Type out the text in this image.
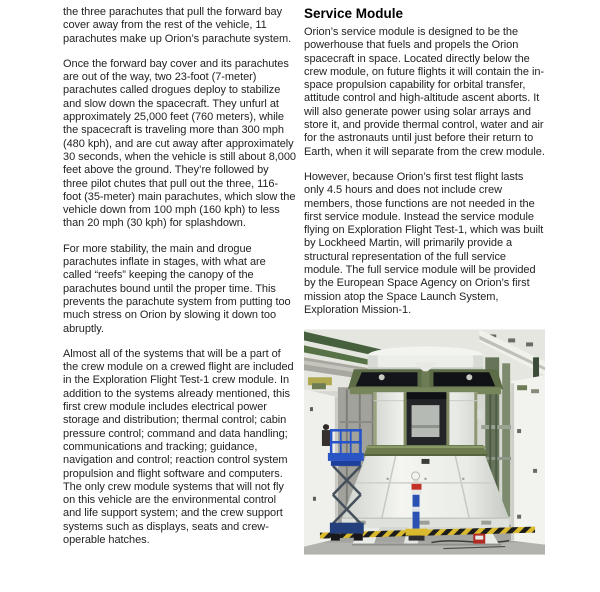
the three parachutes that pull the forward bay cover away from the rest of the vehicle, 11 parachutes make up Orion’s parachute system.

Once the forward bay cover and its parachutes are out of the way, two 23-foot (7-meter) parachutes called drogues deploy to stabilize and slow down the spacecraft. They unfurl at approximately 25,000 feet (760 meters), while the spacecraft is traveling more than 300 mph (480 kph), and are cut away after approximately 30 seconds, when the vehicle is still about 8,000 feet above the ground. They’re followed by three pilot chutes that pull out the three, 116-foot (35-meter) main parachutes, which slow the vehicle down from 100 mph (160 kph) to less than 20 mph (30 kph) for splashdown.

For more stability, the main and drogue parachutes inflate in stages, with what are called “reefs” keeping the canopy of the parachutes bound until the proper time. This prevents the parachute system from putting too much stress on Orion by slowing it down too abruptly.

Almost all of the systems that will be a part of the crew module on a crewed flight are included in the Exploration Flight Test-1 crew module. In addition to the systems already mentioned, this first crew module includes electrical power storage and distribution; thermal control; cabin pressure control; command and data handling; communications and tracking; guidance, navigation and control; reaction control system propulsion and flight software and computers. The only crew module systems that will not fly on this vehicle are the environmental control and life support system; and the crew support systems such as displays, seats and crew-operable hatches.

Service Module

Orion’s service module is designed to be the powerhouse that fuels and propels the Orion spacecraft in space. Located directly below the crew module, on future flights it will contain the in-space propulsion capability for orbital transfer, attitude control and high-altitude ascent aborts. It will also generate power using solar arrays and store it, and provide thermal control, water and air for the astronauts until just before their return to Earth, when it will separate from the crew module.

However, because Orion’s first test flight lasts only 4.5 hours and does not include crew members, those functions are not needed in the first service module. Instead the service module flying on Exploration Flight Test-1, which was built by Lockheed Martin, will primarily provide a structural representation of the full service module. The full service module will be provided by the European Space Agency on Orion’s first mission atop the Space Launch System, Exploration Mission-1.
